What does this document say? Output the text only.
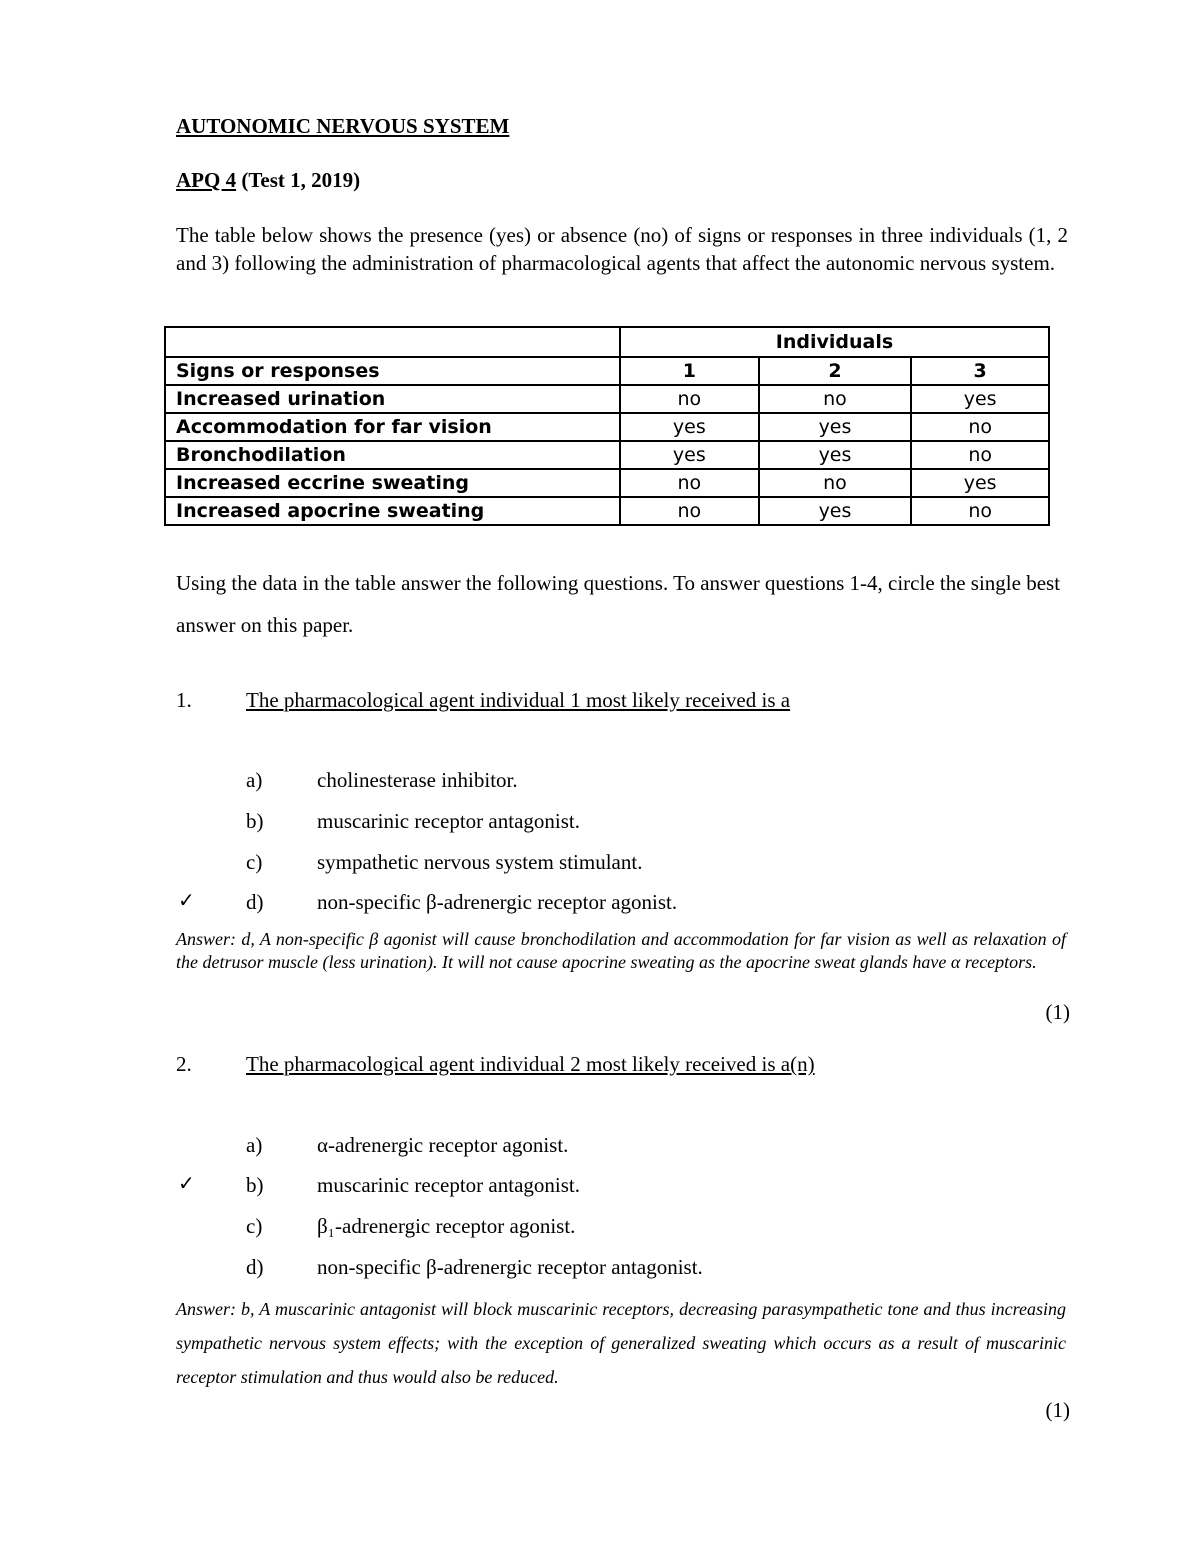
AUTONOMIC NERVOUS SYSTEM
APQ 4 (Test 1, 2019)
The table below shows the presence (yes) or absence (no) of signs or responses in three individuals (1, 2 and 3) following the administration of pharmacological agents that affect the autonomic nervous system.
	Individuals		
Signs or responses	1	2	3
Increased urination	no	no	yes
Accommodation for far vision	yes	yes	no
Bronchodilation	yes	yes	no
Increased eccrine sweating	no	no	yes
Increased apocrine sweating	no	yes	no
Using the data in the table answer the following questions. To answer questions 1-4, circle the single best answer on this paper.
1.	The pharmacological agent individual 1 most likely received is a
a)	cholinesterase inhibitor.
b)	muscarinic receptor antagonist.
c)	sympathetic nervous system stimulant.
✓ d)	non-specific β-adrenergic receptor agonist.
Answer: d, A non-specific β agonist will cause bronchodilation and accommodation for far vision as well as relaxation of the detrusor muscle (less urination). It will not cause apocrine sweating as the apocrine sweat glands have α receptors.
(1)
2.	The pharmacological agent individual 2 most likely received is a(n)
a)	α-adrenergic receptor agonist.
✓ b)	muscarinic receptor antagonist.
c)	β₁-adrenergic receptor agonist.
d)	non-specific β-adrenergic receptor antagonist.
Answer: b, A muscarinic antagonist will block muscarinic receptors, decreasing parasympathetic tone and thus increasing sympathetic nervous system effects; with the exception of generalized sweating which occurs as a result of muscarinic receptor stimulation and thus would also be reduced.
(1)
